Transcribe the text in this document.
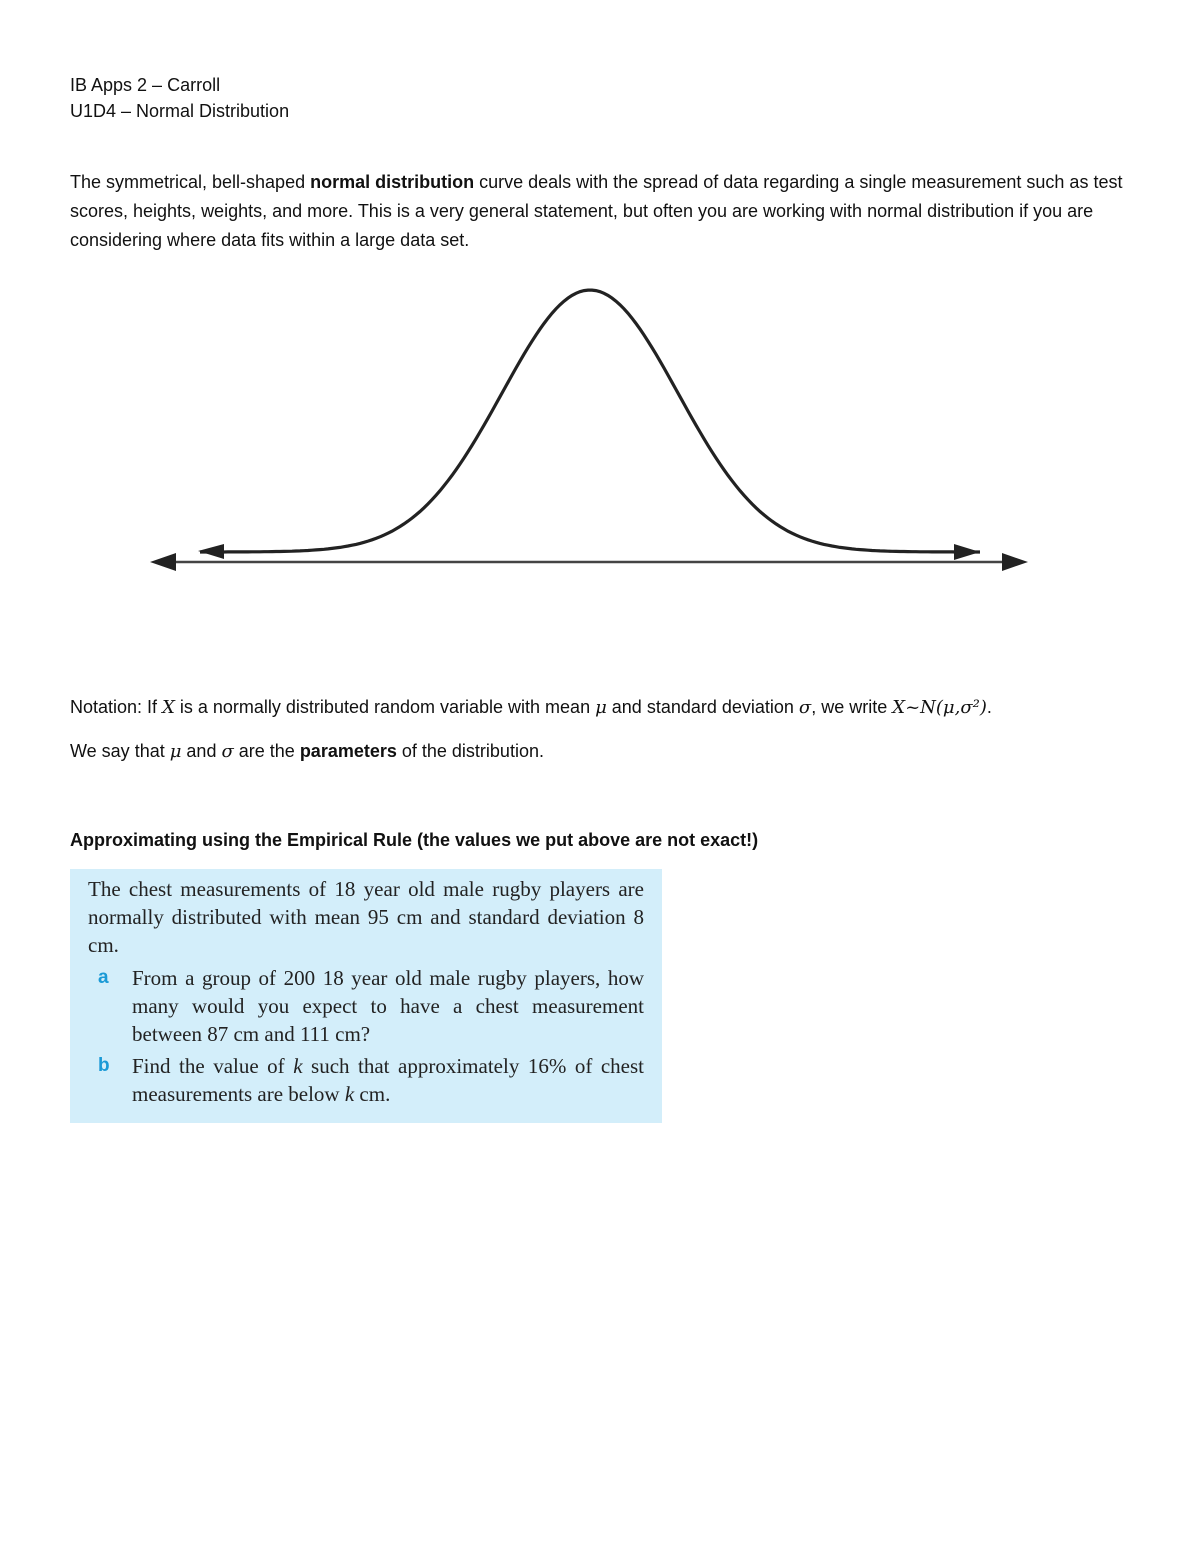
IB Apps 2 – Carroll
U1D4 – Normal Distribution

The symmetrical, bell-shaped normal distribution curve deals with the spread of data regarding a single measurement such as test scores, heights, weights, and more. This is a very general statement, but often you are working with normal distribution if you are considering where data fits within a large data set.

Notation: If X is a normally distributed random variable with mean μ and standard deviation σ, we write X~N(μ,σ²).
We say that μ and σ are the parameters of the distribution.
Approximating using the Empirical Rule (the values we put above are not exact!)

The chest measurements of 18 year old male rugby players are normally distributed with mean 95 cm and standard deviation 8 cm.

a From a group of 200 18 year old male rugby players, how many would you expect to have a chest measurement between 87 cm and 111 cm?

b Find the value of k such that approximately 16% of chest measurements are below k cm.
